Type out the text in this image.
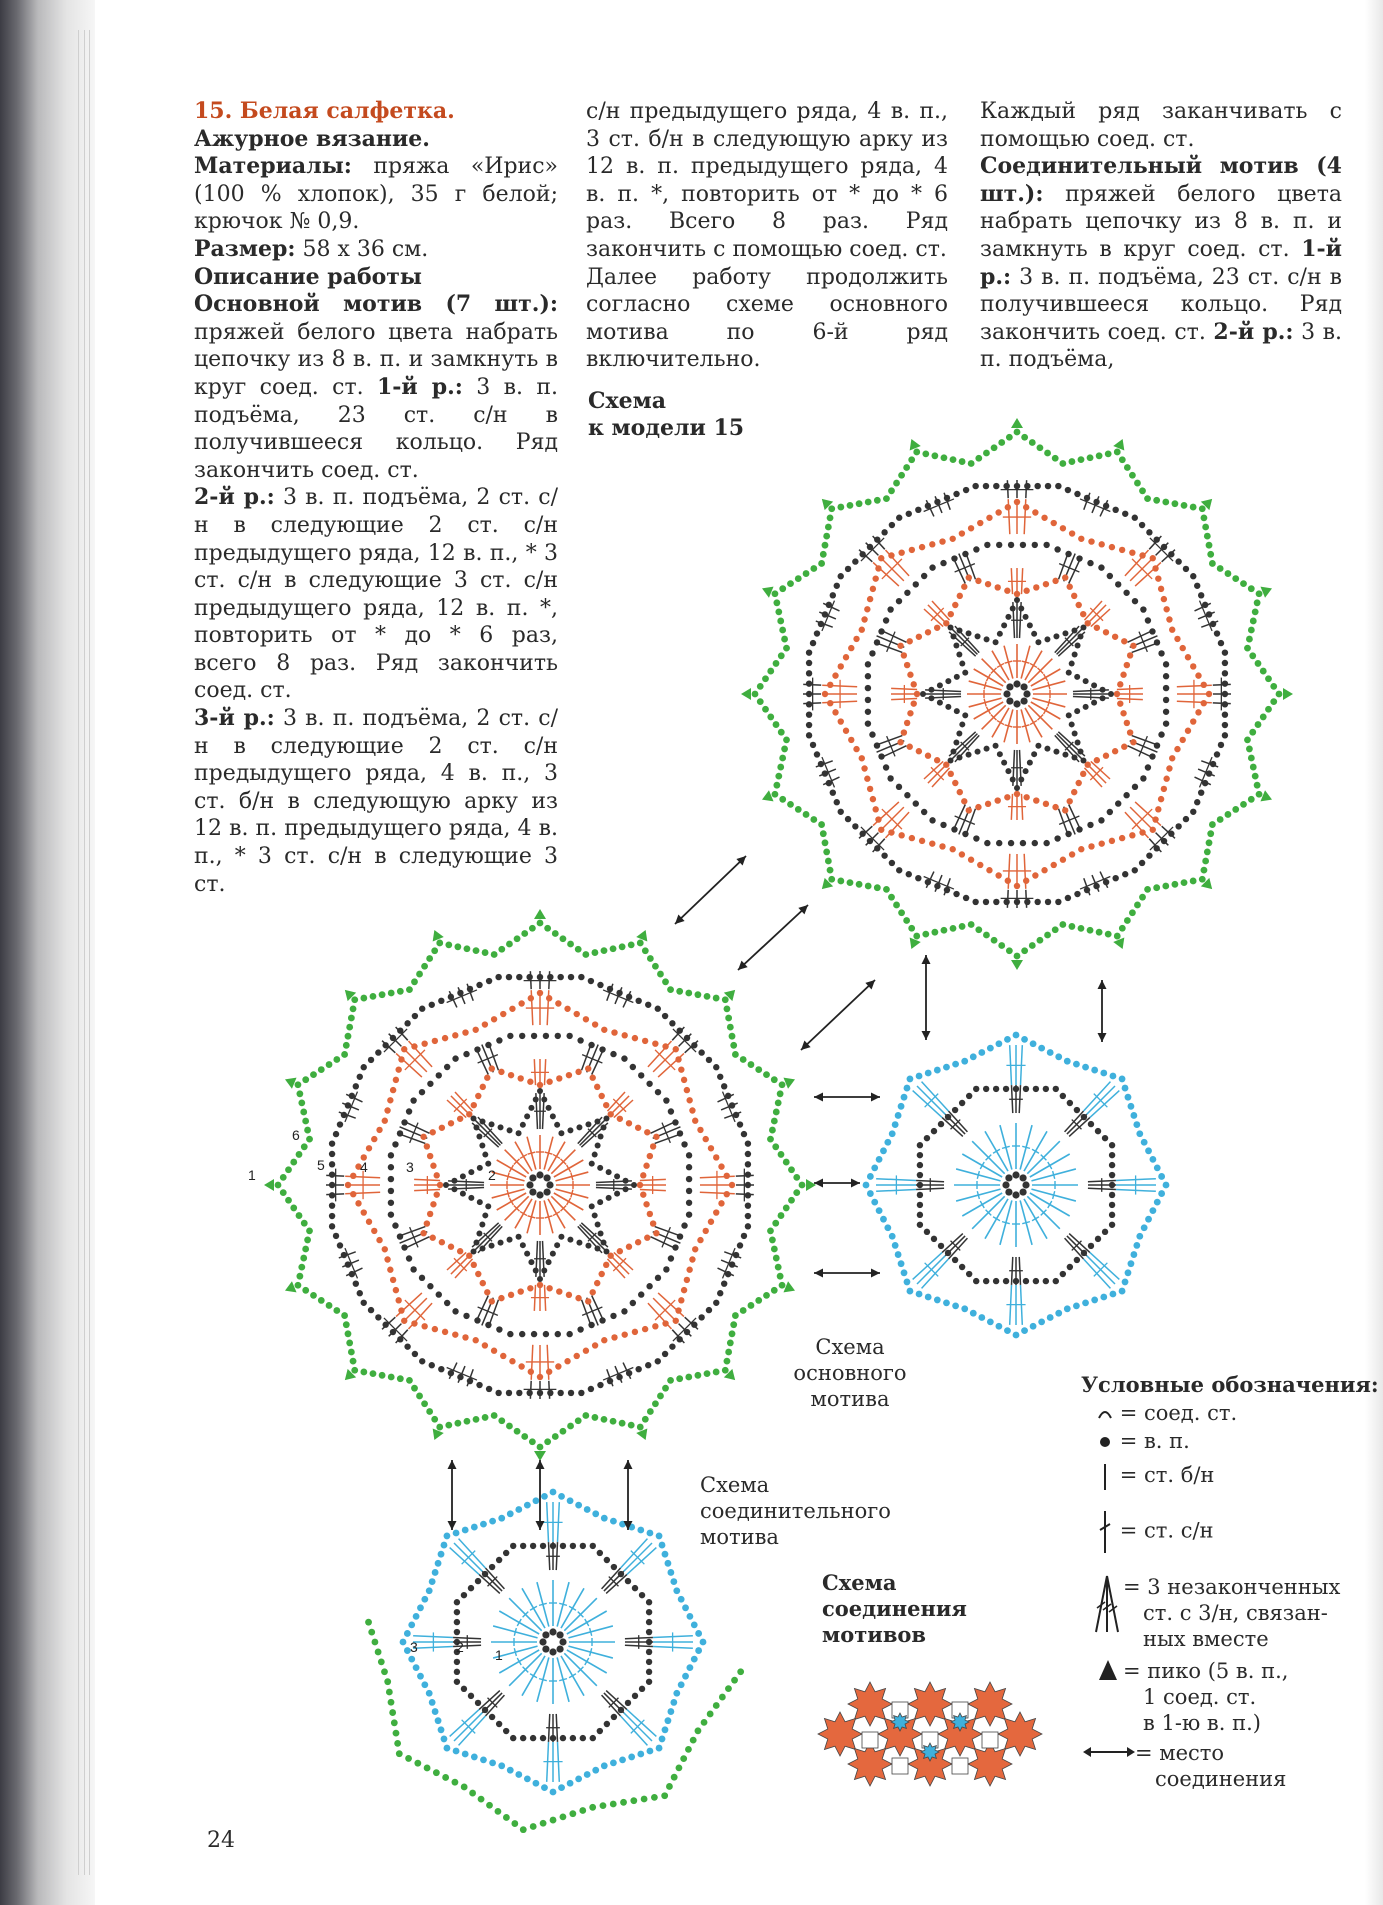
15. Белая салфетка.

Ажурное вязание.

Материалы: пряжа «Ирис» (100 % хлопок), 35 г белой; крючок № 0,9.

Размер: 58 х 36 см.

Описание работы

Основной мотив (7 шт.): пряжей белого цвета набрать цепочку из 8 в. п. и замкнуть в круг соед. ст. 1-й р.: 3 в. п. подъёма, 23 ст. с/н в получившееся кольцо. Ряд закончить соед. ст.

2-й р.: 3 в. п. подъёма, 2 ст. с/н в следующие 2 ст. с/н предыдущего ряда, 12 в. п., * 3 ст. с/н в следующие 3 ст. с/н предыдущего ряда, 12 в. п. *, повторить от * до * 6 раз, всего 8 раз. Ряд закончить соед. ст.

3-й р.: 3 в. п. подъёма, 2 ст. с/н в следующие 2 ст. с/н предыдущего ряда, 4 в. п., 3 ст. б/н в следующую арку из 12 в. п. предыдущего ряда, 4 в. п., * 3 ст. с/н в следующие 3 ст.

с/н предыдущего ряда, 4 в. п., 3 ст. б/н в следующую арку из 12 в. п. предыдущего ряда, 4 в. п. *, повторить от * до * 6 раз. Всего 8 раз. Ряд закончить с помощью соед. ст.

Далее работу продолжить согласно схеме основного мотива по 6-й ряд включительно.

Каждый ряд заканчивать с помощью соед. ст.

Соединительный мотив (4 шт.): пряжей белого цвета набрать цепочку из 8 в. п. и замкнуть в круг соед. ст. 1-й р.: 3 в. п. подъёма, 23 ст. с/н в получившееся кольцо. Ряд закончить соед. ст. 2-й р.: 3 в. п. подъёма,

Схема
к модели 15
1	2
3
4
5
6
1
2
3
Схема
основного
мотива
Схема
соединительного
мотива
Схема
соединения
мотивов
Условные обозначения:
= соед. ст.
= в. п.
= ст. б/н
= ст. с/н
= 3 незаконченных
ст. с 3/н, связан-
ных вместе
= пико (5 в. п.,
1 соед. ст.
в 1-ю в. п.)
= место
соединения
24
